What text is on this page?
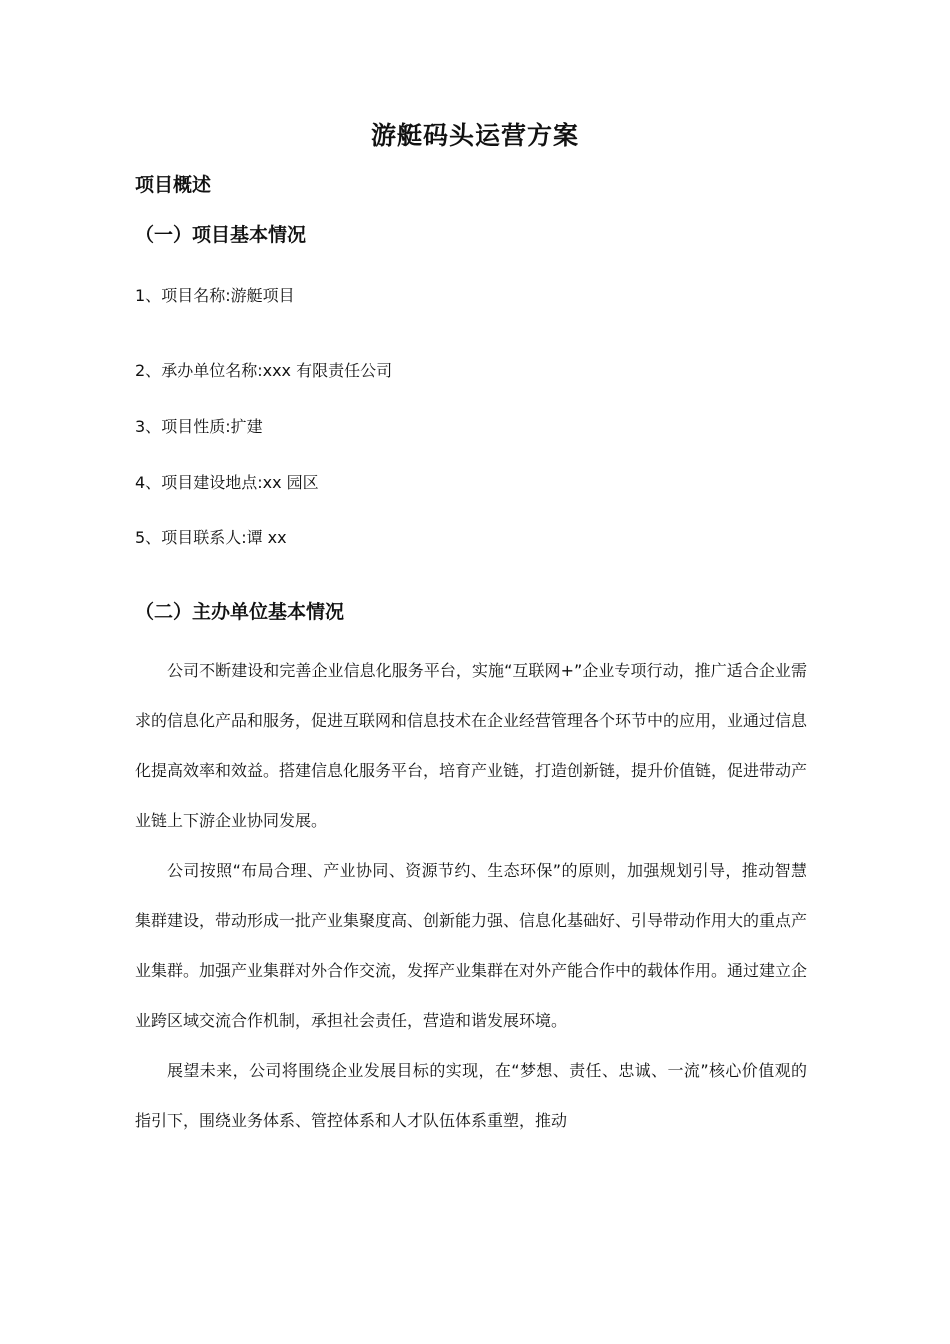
游艇码头运营方案
项目概述
（一）项目基本情况
1、项目名称:游艇项目
2、承办单位名称:xxx 有限责任公司
3、项目性质:扩建
4、项目建设地点:xx 园区
5、项目联系人:谭 xx
（二）主办单位基本情况

公司不断建设和完善企业信息化服务平台，实施“互联网+”企业专项行动，推广适合企业需求的信息化产品和服务，促进互联网和信息技术在企业经营管理各个环节中的应用，业通过信息化提高效率和效益。搭建信息化服务平台，培育产业链，打造创新链，提升价值链，促进带动产业链上下游企业协同发展。

公司按照“布局合理、产业协同、资源节约、生态环保”的原则，加强规划引导，推动智慧集群建设，带动形成一批产业集聚度高、创新能力强、信息化基础好、引导带动作用大的重点产业集群。加强产业集群对外合作交流，发挥产业集群在对外产能合作中的载体作用。通过建立企业跨区域交流合作机制，承担社会责任，营造和谐发展环境。

展望未来，公司将围绕企业发展目标的实现，在“梦想、责任、忠诚、一流”核心价值观的指引下，围绕业务体系、管控体系和人才队伍体系重塑，推动
